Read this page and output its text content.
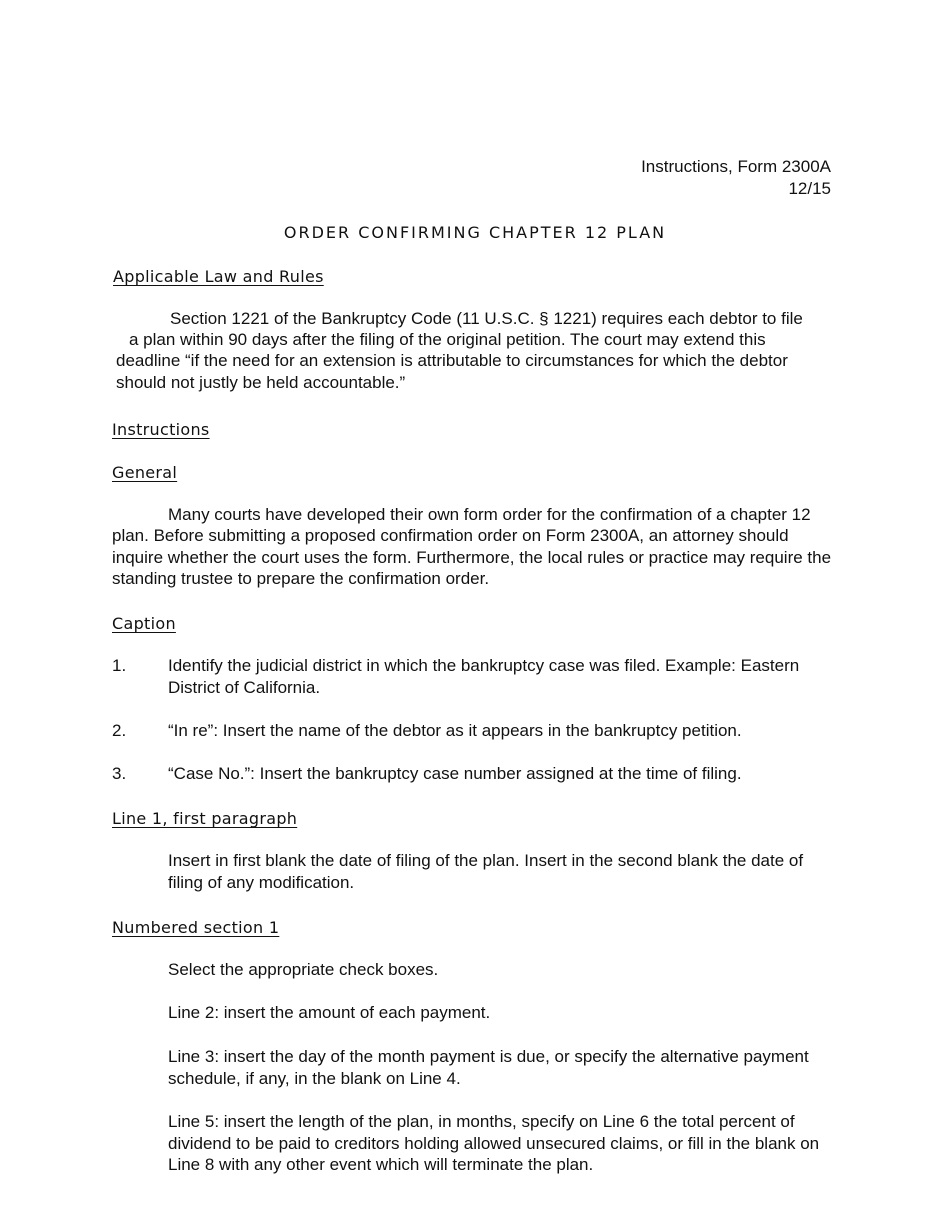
Instructions, Form 2300A
12/15
ORDER CONFIRMING CHAPTER 12 PLAN
Applicable Law and Rules
Section 1221 of the Bankruptcy Code (11 U.S.C. § 1221) requires each debtor to file
a plan within 90 days after the filing of the original petition. The court may extend this
deadline “if the need for an extension is attributable to circumstances for which the debtor
should not justly be held accountable.”
Instructions
General
Many courts have developed their own form order for the confirmation of a chapter 12
plan. Before submitting a proposed confirmation order on Form 2300A, an attorney should
inquire whether the court uses the form. Furthermore, the local rules or practice may require the
standing trustee to prepare the confirmation order.
Caption
1. Identify the judicial district in which the bankruptcy case was filed. Example: Eastern
District of California.
2. “In re”: Insert the name of the debtor as it appears in the bankruptcy petition.
3. “Case No.”: Insert the bankruptcy case number assigned at the time of filing.
Line 1, first paragraph
Insert in first blank the date of filing of the plan. Insert in the second blank the date of
filing of any modification.
Numbered section 1
Select the appropriate check boxes.
Line 2: insert the amount of each payment.
Line 3: insert the day of the month payment is due, or specify the alternative payment
schedule, if any, in the blank on Line 4.
Line 5: insert the length of the plan, in months, specify on Line 6 the total percent of
dividend to be paid to creditors holding allowed unsecured claims, or fill in the blank on
Line 8 with any other event which will terminate the plan.
